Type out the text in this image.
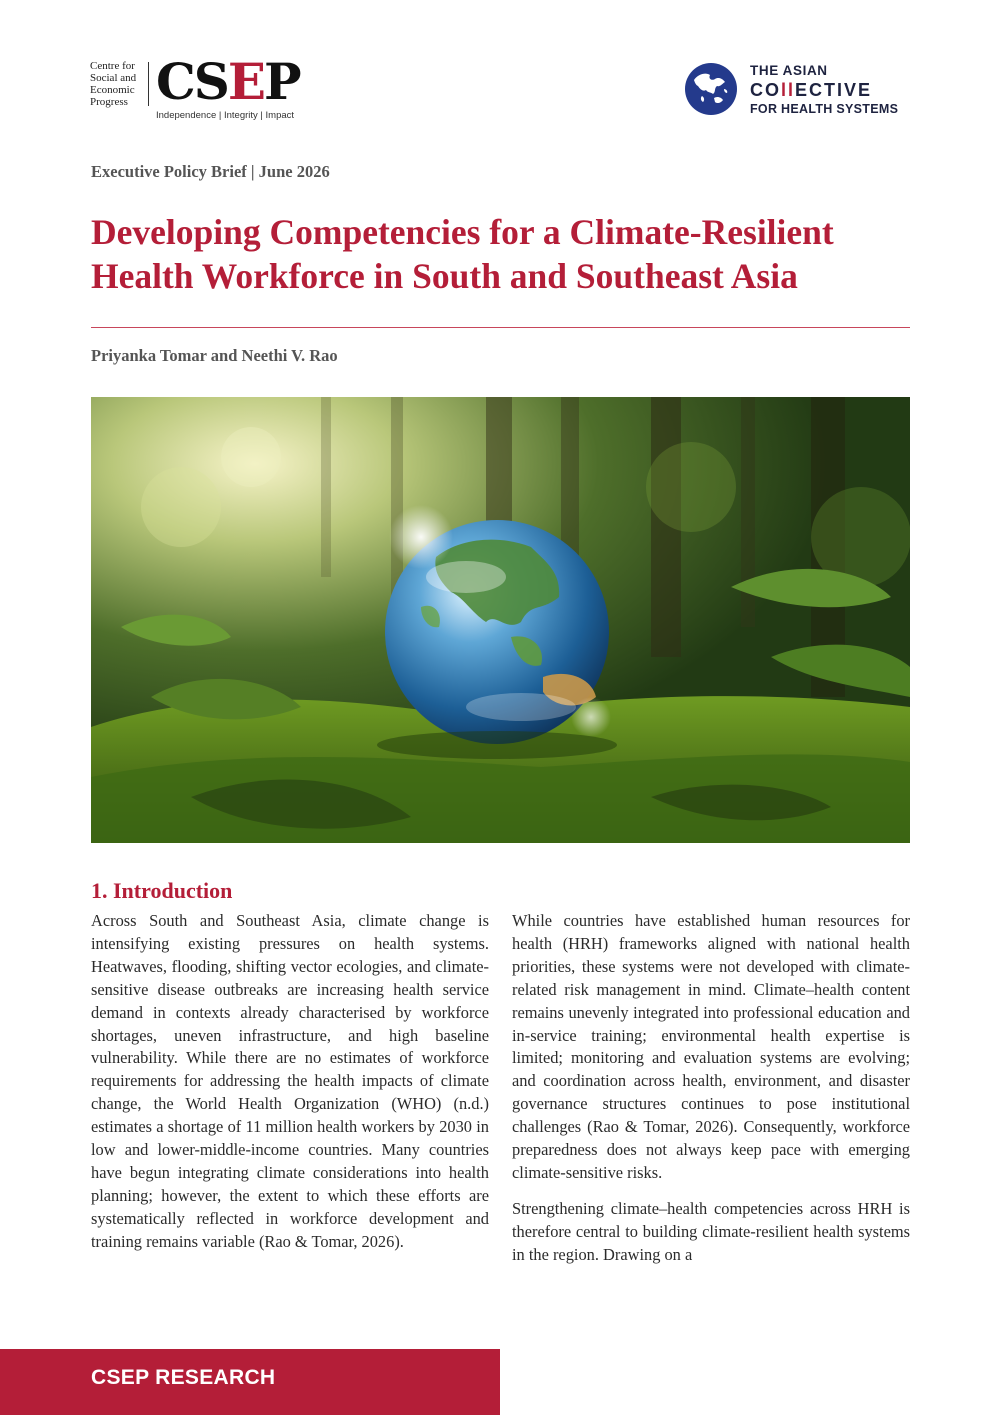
Centre for
Social and
Economic
Progress CSEP
Independence | Integrity | Impact
THE ASIAN
COllECTIVE
FOR HEALTH SYSTEMS
Executive Policy Brief | June 2026
Developing Competencies for a Climate-Resilient
Health Workforce in South and Southeast Asia
Priyanka Tomar and Neethi V. Rao
1. Introduction

Across South and Southeast Asia, climate change is intensifying existing pressures on health systems. Heatwaves, flooding, shifting vector ecologies, and climate-sensitive disease outbreaks are increasing health service demand in contexts already characterised by workforce shortages, uneven infrastructure, and high baseline vulnerability. While there are no estimates of workforce requirements for addressing the health impacts of climate change, the World Health Organization (WHO) (n.d.) estimates a shortage of 11 million health workers by 2030 in low and lower-middle-income countries. Many countries have begun integrating climate considerations into health planning; however, the extent to which these efforts are systematically reflected in workforce development and training remains variable (Rao & Tomar, 2026).

While countries have established human resources for health (HRH) frameworks aligned with national health priorities, these systems were not developed with climate-related risk management in mind. Climate–health content remains unevenly integrated into professional education and in-service training; environmental health expertise is limited; monitoring and evaluation systems are evolving; and coordination across health, environment, and disaster governance structures continues to pose institutional challenges (Rao & Tomar, 2026). Consequently, workforce preparedness does not always keep pace with emerging climate-sensitive risks.

Strengthening climate–health competencies across HRH is therefore central to building climate-resilient health systems in the region. Drawing on a

CSEP RESEARCH
